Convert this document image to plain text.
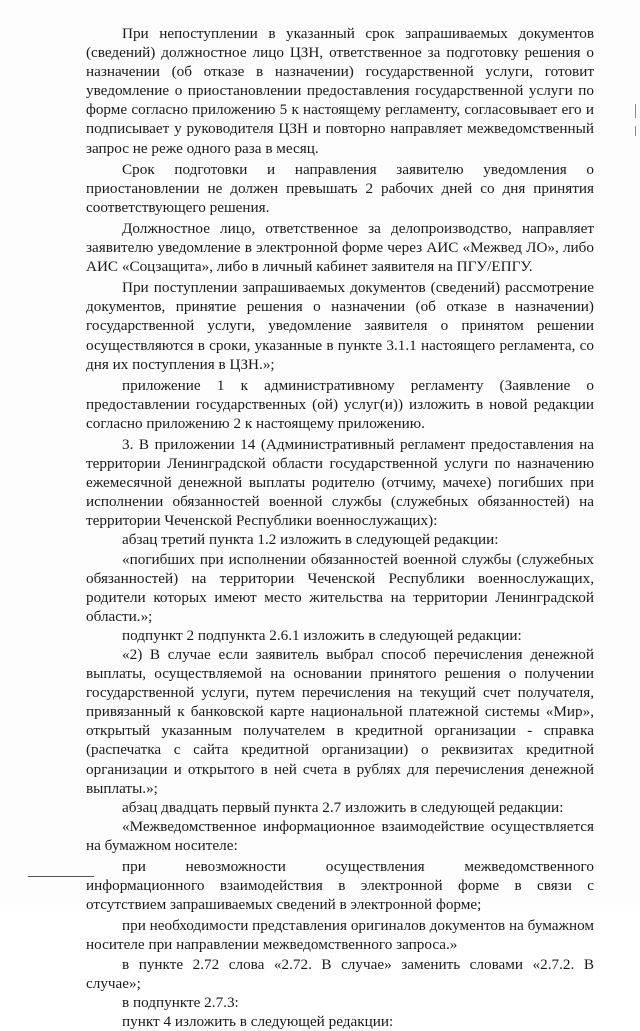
При непоступлении в указанный срок запрашиваемых документов (сведений) должностное лицо ЦЗН, ответственное за подготовку решения о назначении (об отказе в назначении) государственной услуги, готовит уведомление о приостановлении предоставления государственной услуги по форме согласно приложению 5 к настоящему регламенту, согласовывает его и подписывает у руководителя ЦЗН и повторно направляет межведомственный запрос не реже одного раза в месяц.

Срок подготовки и направления заявителю уведомления о приостановлении не должен превышать 2 рабочих дней со дня принятия соответствующего решения.

Должностное лицо, ответственное за делопроизводство, направляет заявителю уведомление в электронной форме через АИС «Межвед ЛО», либо АИС «Соцзащита», либо в личный кабинет заявителя на ПГУ/ЕПГУ.

При поступлении запрашиваемых документов (сведений) рассмотрение документов, принятие решения о назначении (об отказе в назначении) государственной услуги, уведомление заявителя о принятом решении осуществляются в сроки, указанные в пункте 3.1.1 настоящего регламента, со дня их поступления в ЦЗН.»;

приложение 1 к административному регламенту (Заявление о предоставлении государственных (ой) услуг(и)) изложить в новой редакции согласно приложению 2 к настоящему приложению.

3. В приложении 14 (Административный регламент предоставления на территории Ленинградской области государственной услуги по назначению ежемесячной денежной выплаты родителю (отчиму, мачехе) погибших при исполнении обязанностей военной службы (служебных обязанностей) на территории Чеченской Республики военнослужащих):

абзац третий пункта 1.2 изложить в следующей редакции:

«погибших при исполнении обязанностей военной службы (служебных обязанностей) на территории Чеченской Республики военнослужащих, родители которых имеют место жительства на территории Ленинградской области.»;

подпункт 2 подпункта 2.6.1 изложить в следующей редакции:

«2) В случае если заявитель выбрал способ перечисления денежной выплаты, осуществляемой на основании принятого решения о получении государственной услуги, путем перечисления на текущий счет получателя, привязанный к банковской карте национальной платежной системы «Мир», открытый указанным получателем в кредитной организации - справка (распечатка с сайта кредитной организации) о реквизитах кредитной организации и открытого в ней счета в рублях для перечисления денежной выплаты.»;

абзац двадцать первый пункта 2.7 изложить в следующей редакции:

«Межведомственное информационное взаимодействие осуществляется на бумажном носителе:

при невозможности осуществления межведомственного информационного взаимодействия в электронной форме в связи с отсутствием запрашиваемых сведений в электронной форме;

при необходимости представления оригиналов документов на бумажном носителе при направлении межведомственного запроса.»

в пункте 2.72 слова «2.72. В случае» заменить словами «2.7.2. В случае»;

в подпункте 2.7.3:

пункт 4 изложить в следующей редакции:
